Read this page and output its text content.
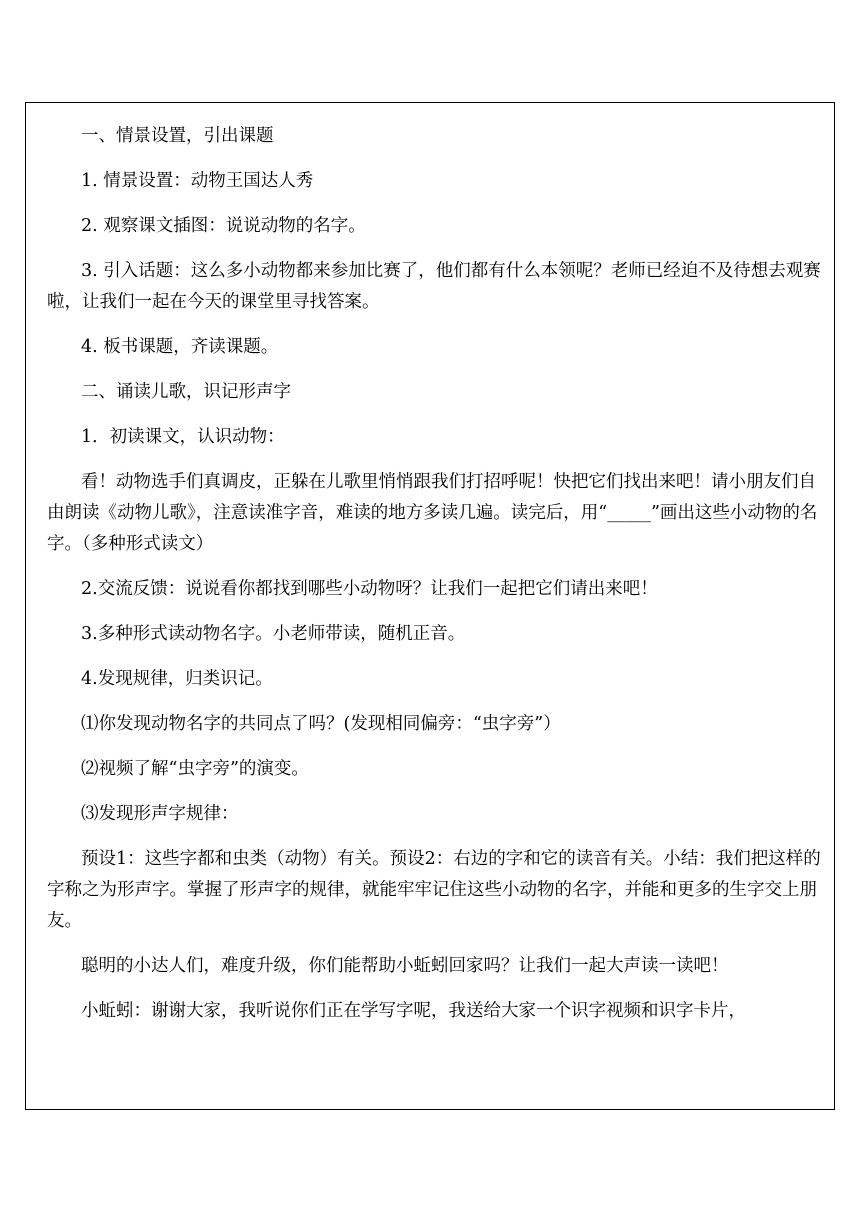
一、情景设置，引出课题

1. 情景设置：动物王国达人秀

2. 观察课文插图：说说动物的名字。

3. 引入话题：这么多小动物都来参加比赛了，他们都有什么本领呢？老师已经迫不及待想去观赛啦，让我们一起在今天的课堂里寻找答案。

4. 板书课题，齐读课题。

二、诵读儿歌，识记形声字

1．初读课文，认识动物：

看！动物选手们真调皮，正躲在儿歌里悄悄跟我们打招呼呢！快把它们找出来吧！请小朋友们自由朗读《动物儿歌》，注意读准字音，难读的地方多读几遍。读完后，用“_____”画出这些小动物的名字。（多种形式读文）

2.交流反馈：说说看你都找到哪些小动物呀？让我们一起把它们请出来吧！

3.多种形式读动物名字。小老师带读，随机正音。

4.发现规律，归类识记。

⑴你发现动物名字的共同点了吗？(发现相同偏旁：“虫字旁”）

⑵视频了解“虫字旁”的演变。

⑶发现形声字规律：

预设1：这些字都和虫类（动物）有关。预设2：右边的字和它的读音有关。小结：我们把这样的字称之为形声字。掌握了形声字的规律，就能牢牢记住这些小动物的名字，并能和更多的生字交上朋友。

聪明的小达人们，难度升级，你们能帮助小蚯蚓回家吗？让我们一起大声读一读吧！

小蚯蚓：谢谢大家，我听说你们正在学写字呢，我送给大家一个识字视频和识字卡片，
